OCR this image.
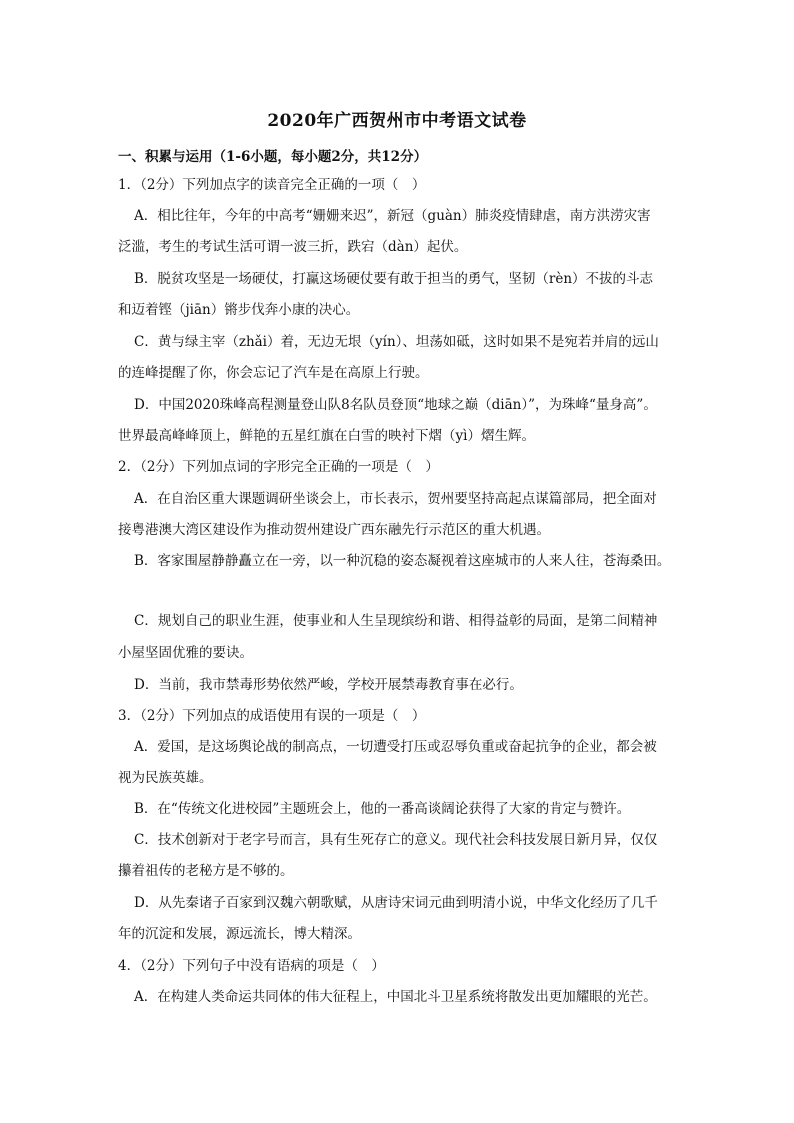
2020年广西贺州市中考语文试卷
一、积累与运用（1-6小题，每小题2分，共12分）
1．（2分）下列加点字的读音完全正确的一项（　）
A．相比往年，今年的中高考“姗姗来迟”，新冠（guàn）肺炎疫情肆虐，南方洪涝灾害
泛滥，考生的考试生活可谓一波三折，跌宕（dàn）起伏。
B．脱贫攻坚是一场硬仗，打赢这场硬仗要有敢于担当的勇气，坚韧（rèn）不拔的斗志
和迈着铿（jiān）锵步伐奔小康的决心。
C．黄与绿主宰（zhǎi）着，无边无垠（yín）、坦荡如砥，这时如果不是宛若并肩的远山
的连峰提醒了你，你会忘记了汽车是在高原上行驶。
D．中国2020珠峰高程测量登山队8名队员登顶“地球之巅（diān）”，为珠峰“量身高”。
世界最高峰峰顶上，鲜艳的五星红旗在白雪的映衬下熠（yì）熠生辉。
2．（2分）下列加点词的字形完全正确的一项是（　）
A．在自治区重大课题调研坐谈会上，市长表示，贺州要坚持高起点谋篇部局，把全面对
接粤港澳大湾区建设作为推动贺州建设广西东融先行示范区的重大机遇。
B．客家围屋静静矗立在一旁，以一种沉稳的姿态凝视着这座城市的人来人往，苍海桑田。
C．规划自己的职业生涯，使事业和人生呈现缤纷和谐、相得益彰的局面，是第二间精神
小屋坚固优雅的要诀。
D．当前，我市禁毒形势依然严峻，学校开展禁毒教育事在必行。
3．（2分）下列加点的成语使用有误的一项是（　）
A．爱国，是这场舆论战的制高点，一切遭受打压或忍辱负重或奋起抗争的企业，都会被
视为民族英雄。
B．在“传统文化进校园”主题班会上，他的一番高谈阔论获得了大家的肯定与赞许。
C．技术创新对于老字号而言，具有生死存亡的意义。现代社会科技发展日新月异，仅仅
攥着祖传的老秘方是不够的。
D．从先秦诸子百家到汉魏六朝歌赋，从唐诗宋词元曲到明清小说，中华文化经历了几千
年的沉淀和发展，源远流长，博大精深。
4．（2分）下列句子中没有语病的项是（　）
A．在构建人类命运共同体的伟大征程上，中国北斗卫星系统将散发出更加耀眼的光芒。
